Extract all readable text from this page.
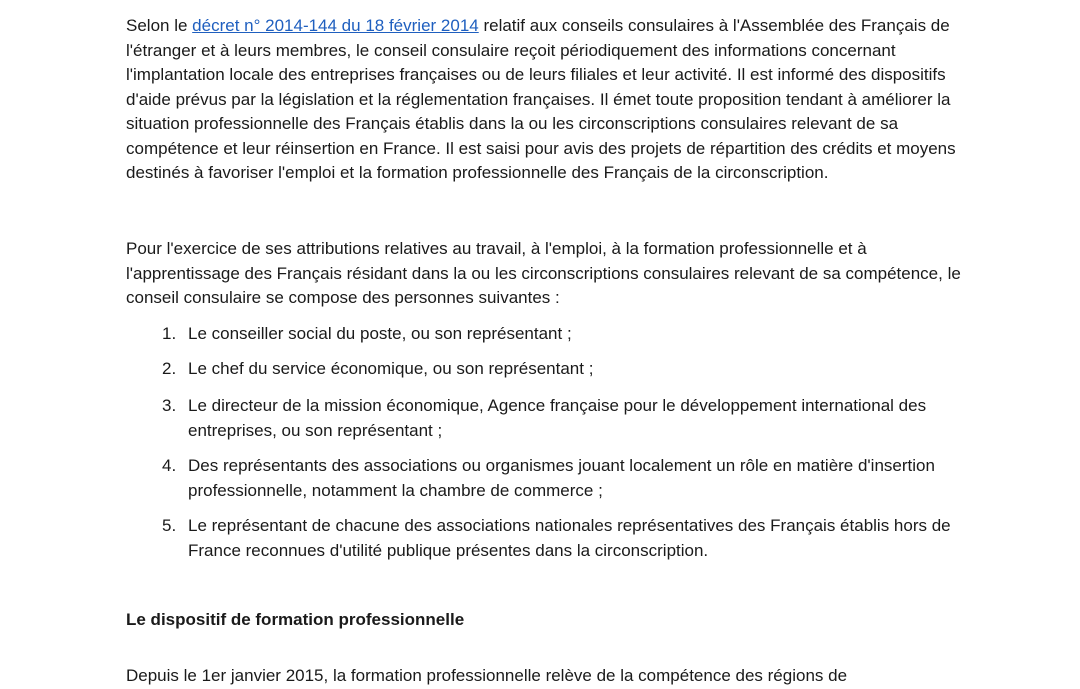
Selon le décret n° 2014-144 du 18 février 2014 relatif aux conseils consulaires à l'Assemblée des Français de l'étranger et à leurs membres, le conseil consulaire reçoit périodiquement des informations concernant l'implantation locale des entreprises françaises ou de leurs filiales et leur activité. Il est informé des dispositifs d'aide prévus par la législation et la réglementation françaises. Il émet toute proposition tendant à améliorer la situation professionnelle des Français établis dans la ou les circonscriptions consulaires relevant de sa compétence et leur réinsertion en France. Il est saisi pour avis des projets de répartition des crédits et moyens destinés à favoriser l'emploi et la formation professionnelle des Français de la circonscription.

Pour l'exercice de ses attributions relatives au travail, à l'emploi, à la formation professionnelle et à l'apprentissage des Français résidant dans la ou les circonscriptions consulaires relevant de sa compétence, le conseil consulaire se compose des personnes suivantes :

1. Le conseiller social du poste, ou son représentant ;
2. Le chef du service économique, ou son représentant ;
3. Le directeur de la mission économique, Agence française pour le développement international des entreprises, ou son représentant ;
4. Des représentants des associations ou organismes jouant localement un rôle en matière d'insertion professionnelle, notamment la chambre de commerce ;
5. Le représentant de chacune des associations nationales représentatives des Français établis hors de France reconnues d'utilité publique présentes dans la circonscription.
Le dispositif de formation professionnelle

Depuis le 1er janvier 2015, la formation professionnelle relève de la compétence des régions de
